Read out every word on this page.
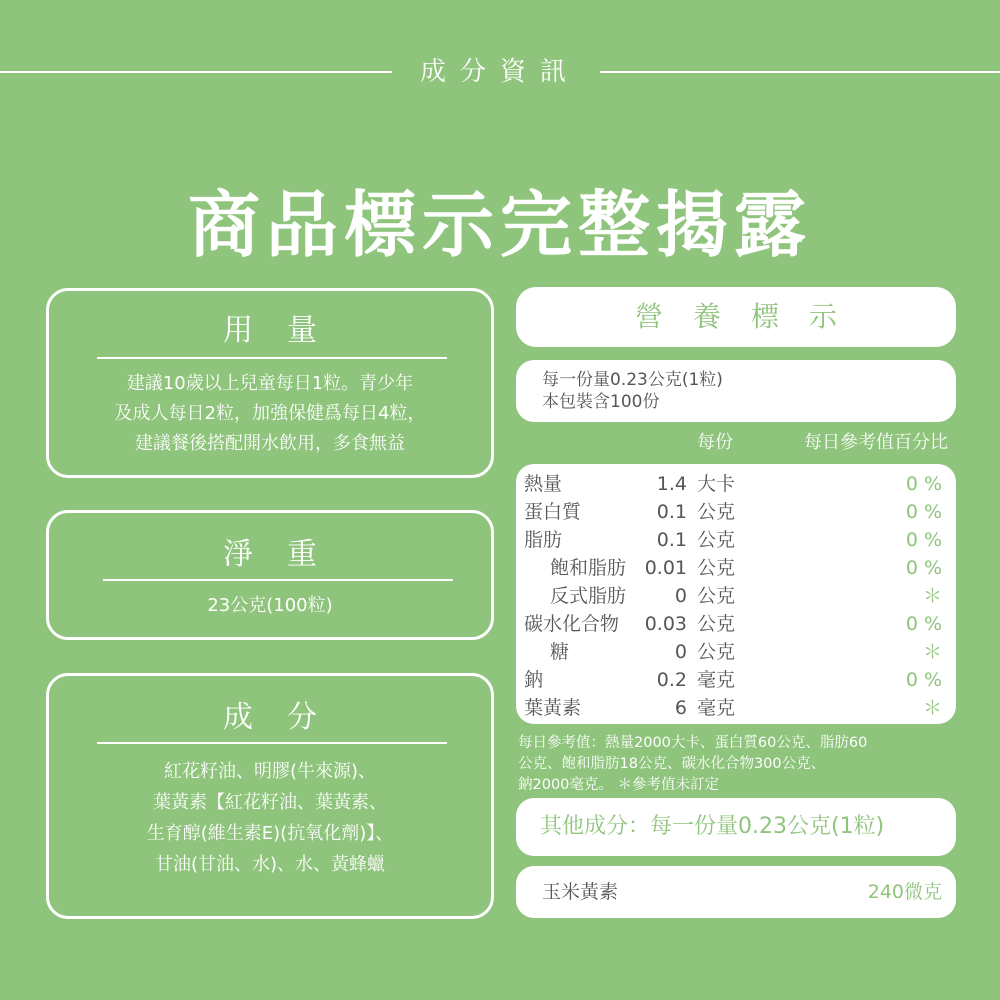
成分資訊
商品標示完整揭露
用量
建議10歲以上兒童每日1粒。青少年
及成人每日2粒，加強保健爲每日4粒，
建議餐後搭配開水飲用，多食無益
淨重
23公克(100粒)
成分
紅花籽油、明膠(牛來源)、
葉黃素【紅花籽油、葉黃素、
生育醇(維生素E)(抗氧化劑)】、
甘油(甘油、水)、水、黃蜂蠟
營養標示
每一份量0.23公克(1粒)
本包裝含100份
每份	每日參考值百分比
熱量	1.4 大卡	0 %
蛋白質	0.1 公克	0 %
脂肪	0.1 公克	0 %
飽和脂肪 0.01 公克	0 %
反式脂肪	0 公克	＊
碳水化合物 0.03 公克	0 %
糖	0 公克	＊
鈉	0.2 毫克	0 %
葉黃素	6 毫克	＊
每日參考值：熱量2000大卡、蛋白質60公克、脂肪60
公克、飽和脂肪18公克、碳水化合物300公克、
鈉2000毫克。 ＊參考值未訂定
其他成分：每一份量0.23公克(1粒)
玉米黃素	240微克
